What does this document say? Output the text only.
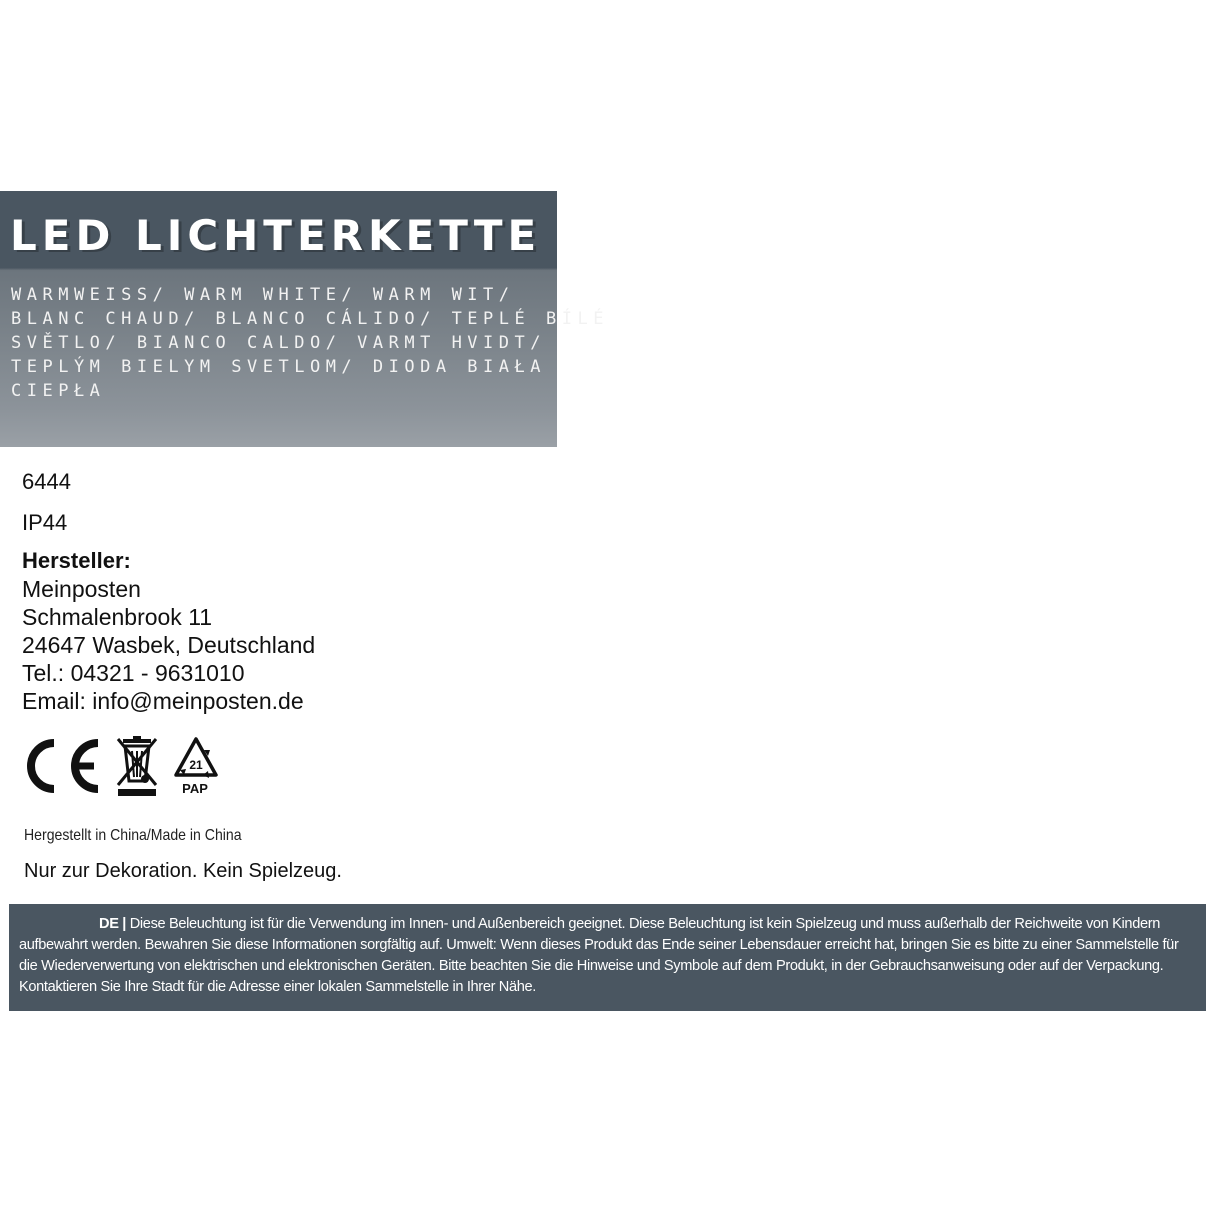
LED LICHTERKETTE
WARMWEISS/ WARM WHITE/ WARM WIT/
BLANC CHAUD/ BLANCO CÁLIDO/ TEPLÉ BÍLÉ
SVĚTLO/ BIANCO CALDO/ VARMT HVIDT/
TEPLÝM BIELYM SVETLOM/ DIODA BIAŁA
CIEPŁA
6444
IP44
Hersteller:
Meinposten
Schmalenbrook 11
24647 Wasbek, Deutschland
Tel.: 04321 - 9631010
Email: info@meinposten.de
21
PAP
Hergestellt in China/Made in China
Nur zur Dekoration. Kein Spielzeug.

DE | Diese Beleuchtung ist für die Verwendung im Innen- und Außenbereich geeignet. Diese Beleuchtung ist kein Spielzeug und muss außerhalb der Reichweite von Kindern aufbewahrt werden. Bewahren Sie diese Informationen sorgfältig auf. Umwelt: Wenn dieses Produkt das Ende seiner Lebensdauer erreicht hat, bringen Sie es bitte zu einer Sammelstelle für die Wiederverwertung von elektrischen und elektronischen Geräten. Bitte beachten Sie die Hinweise und Symbole auf dem Produkt, in der Gebrauchsanweisung oder auf der Verpackung. Kontaktieren Sie Ihre Stadt für die Adresse einer lokalen Sammelstelle in Ihrer Nähe.
